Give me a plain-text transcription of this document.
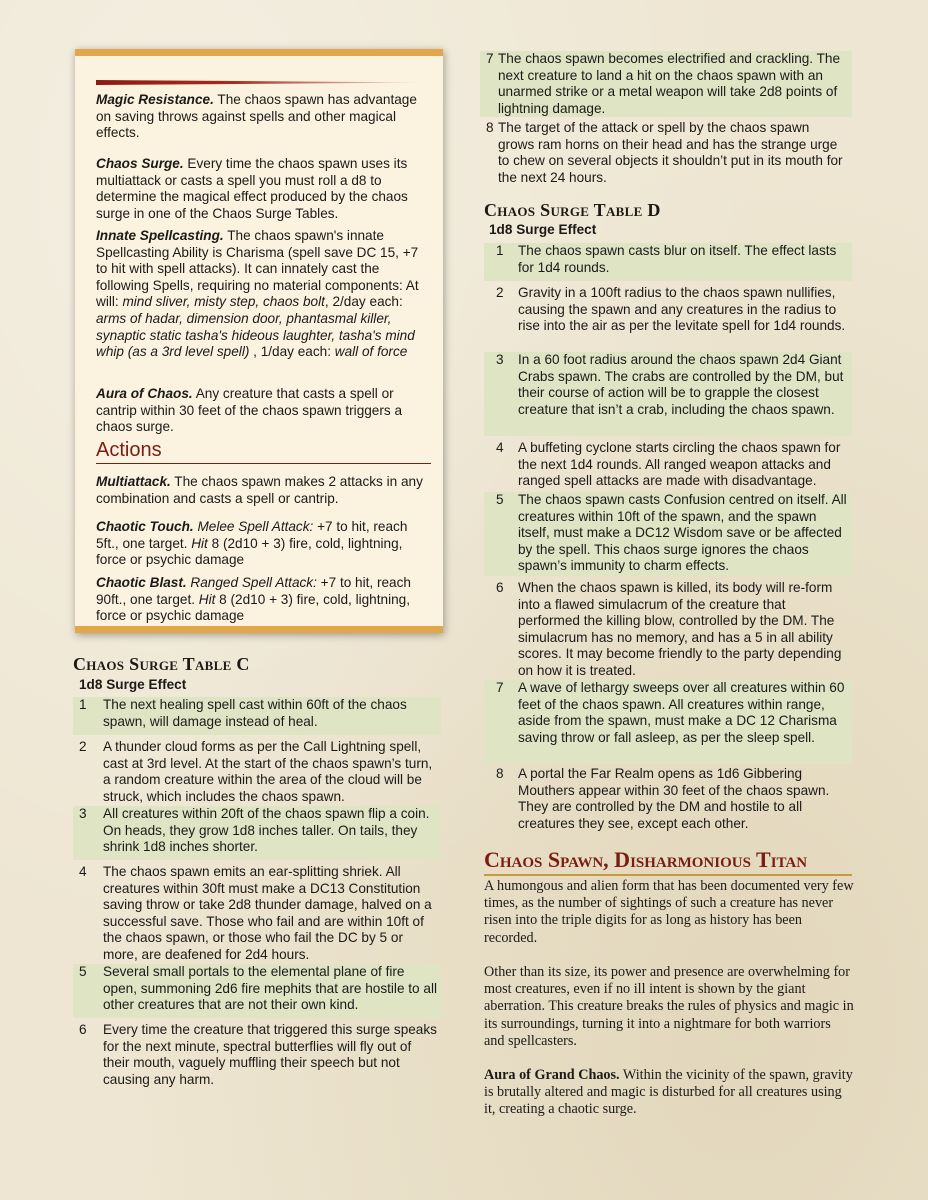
Magic Resistance. The chaos spawn has advantage on saving throws against spells and other magical effects.

Chaos Surge. Every time the chaos spawn uses its multiattack or casts a spell you must roll a d8 to determine the magical effect produced by the chaos surge in one of the Chaos Surge Tables.

Innate Spellcasting. The chaos spawn's innate Spellcasting Ability is Charisma (spell save DC 15, +7 to hit with spell attacks). It can innately cast the following Spells, requiring no material components: At will: mind sliver, misty step, chaos bolt, 2/day each: arms of hadar, dimension door, phantasmal killer, synaptic static tasha's hideous laughter, tasha's mind whip (as a 3rd level spell) , 1/day each: wall of force

Aura of Chaos. Any creature that casts a spell or cantrip within 30 feet of the chaos spawn triggers a chaos surge.

Actions

Multiattack. The chaos spawn makes 2 attacks in any combination and casts a spell or cantrip.

Chaotic Touch. Melee Spell Attack: +7 to hit, reach 5ft., one target. Hit 8 (2d10 + 3) fire, cold, lightning, force or psychic damage

Chaotic Blast. Ranged Spell Attack: +7 to hit, reach 90ft., one target. Hit 8 (2d10 + 3) fire, cold, lightning, force or psychic damage

Chaos Surge Table C
1d8 Surge Effect
1 The next healing spell cast within 60ft of the chaos spawn, will damage instead of heal.
2 A thunder cloud forms as per the Call Lightning spell, cast at 3rd level. At the start of the chaos spawn’s turn, a random creature within the area of the cloud will be struck, which includes the chaos spawn.
3 All creatures within 20ft of the chaos spawn flip a coin. On heads, they grow 1d8 inches taller. On tails, they shrink 1d8 inches shorter.
4 The chaos spawn emits an ear-splitting shriek. All creatures within 30ft must make a DC13 Constitution saving throw or take 2d8 thunder damage, halved on a successful save. Those who fail and are within 10ft of the chaos spawn, or those who fail the DC by 5 or more, are deafened for 2d4 hours.
5 Several small portals to the elemental plane of fire open, summoning 2d6 fire mephits that are hostile to all other creatures that are not their own kind.
6 Every time the creature that triggered this surge speaks for the next minute, spectral butterflies will fly out of their mouth, vaguely muffling their speech but not causing any harm.
7 The chaos spawn becomes electrified and crackling. The next creature to land a hit on the chaos spawn with an unarmed strike or a metal weapon will take 2d8 points of lightning damage.
8 The target of the attack or spell by the chaos spawn grows ram horns on their head and has the strange urge to chew on several objects it shouldn’t put in its mouth for the next 24 hours.
Chaos Surge Table D
1d8 Surge Effect
1 The chaos spawn casts blur on itself. The effect lasts for 1d4 rounds.
2 Gravity in a 100ft radius to the chaos spawn nullifies, causing the spawn and any creatures in the radius to rise into the air as per the levitate spell for 1d4 rounds.
3 In a 60 foot radius around the chaos spawn 2d4 Giant Crabs spawn. The crabs are controlled by the DM, but their course of action will be to grapple the closest creature that isn’t a crab, including the chaos spawn.
4 A buffeting cyclone starts circling the chaos spawn for the next 1d4 rounds. All ranged weapon attacks and ranged spell attacks are made with disadvantage.
5 The chaos spawn casts Confusion centred on itself. All creatures within 10ft of the spawn, and the spawn itself, must make a DC12 Wisdom save or be affected by the spell. This chaos surge ignores the chaos spawn’s immunity to charm effects.
6 When the chaos spawn is killed, its body will re-form into a flawed simulacrum of the creature that performed the killing blow, controlled by the DM. The simulacrum has no memory, and has a 5 in all ability scores. It may become friendly to the party depending on how it is treated.
7 A wave of lethargy sweeps over all creatures within 60 feet of the chaos spawn. All creatures within range, aside from the spawn, must make a DC 12 Charisma saving throw or fall asleep, as per the sleep spell.
8 A portal the Far Realm opens as 1d6 Gibbering Mouthers appear within 30 feet of the chaos spawn. They are controlled by the DM and hostile to all creatures they see, except each other.
Chaos Spawn, Disharmonious Titan

A humongous and alien form that has been documented very few times, as the number of sightings of such a creature has never risen into the triple digits for as long as history has been recorded.

Other than its size, its power and presence are overwhelming for most creatures, even if no ill intent is shown by the giant aberration. This creature breaks the rules of physics and magic in its surroundings, turning it into a nightmare for both warriors and spellcasters.

Aura of Grand Chaos. Within the vicinity of the spawn, gravity is brutally altered and magic is disturbed for all creatures using it, creating a chaotic surge.
